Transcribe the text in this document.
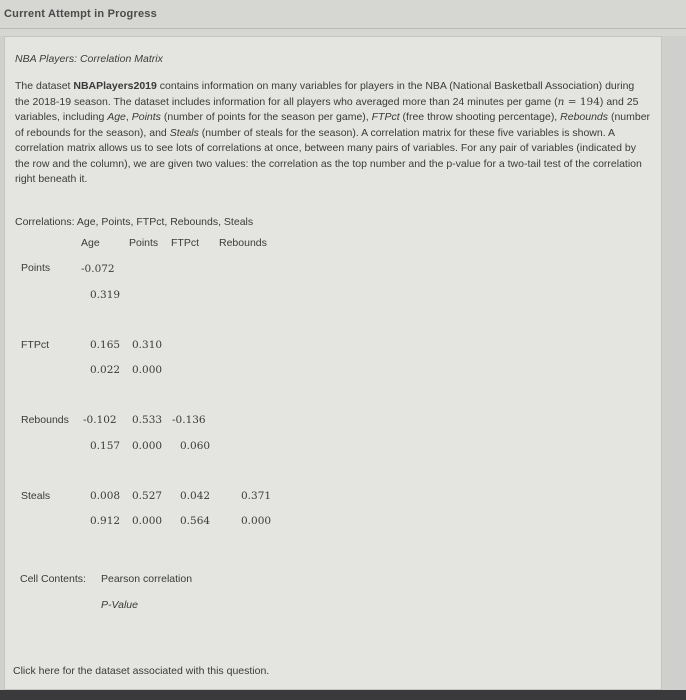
Current Attempt in Progress
NBA Players: Correlation Matrix
The dataset NBAPlayers2019 contains information on many variables for players in the NBA (National Basketball Association) during the 2018-19 season. The dataset includes information for all players who averaged more than 24 minutes per game (n = 194) and 25 variables, including Age, Points (number of points for the season per game), FTPct (free throw shooting percentage), Rebounds (number of rebounds for the season), and Steals (number of steals for the season). A correlation matrix for these five variables is shown. A correlation matrix allows us to see lots of correlations at once, between many pairs of variables. For any pair of variables (indicated by the row and the column), we are given two values: the correlation as the top number and the p-value for a two-tail test of the correlation right beneath it.
Correlations: Age, Points, FTPct, Rebounds, Steals
Age	Points FTPct Rebounds
Points	-0.072
0.319
FTPct	0.165 0.310
0.022 0.000
Rebounds -0.102 0.533 -0.136
0.157 0.000 0.060
Steals	0.008 0.527 0.042	0.371
0.912 0.000 0.564	0.000
Cell Contents: Pearson correlation
P-Value
Click here for the dataset associated with this question.
